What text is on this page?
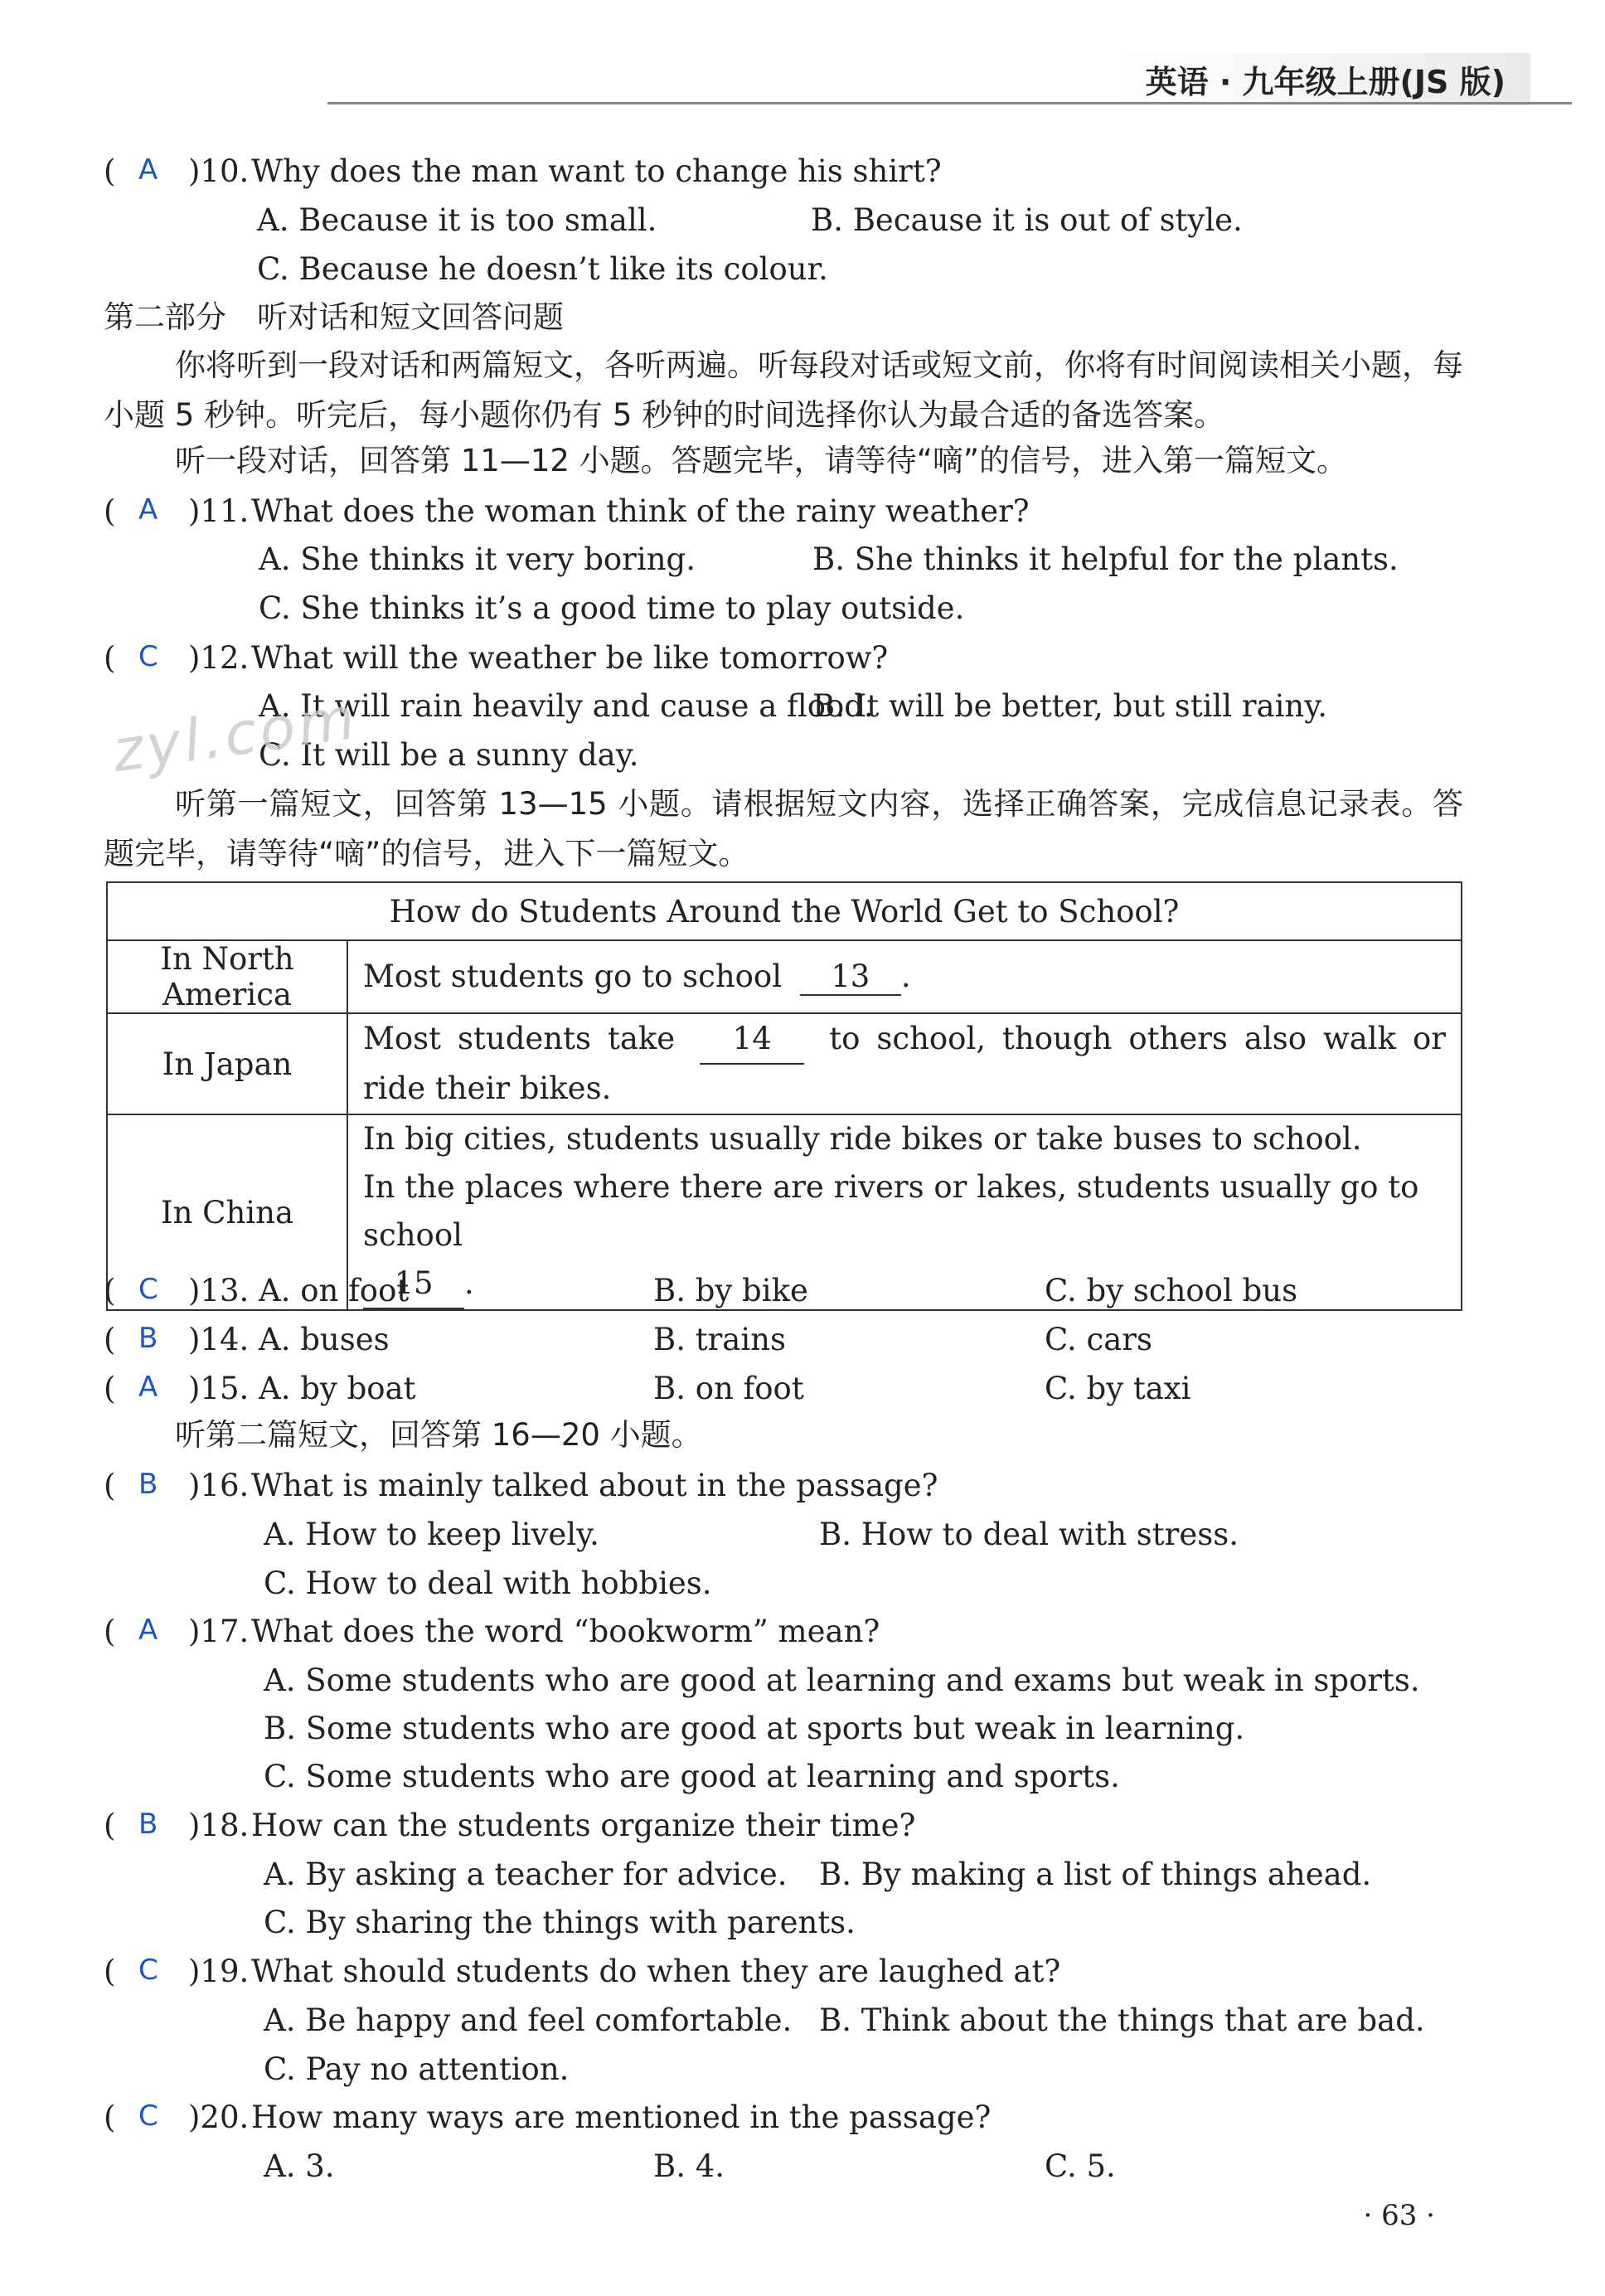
英语 · 九年级上册(JS 版)
( A )10. Why does the man want to change his shirt?
A. Because it is too small.	B. Because it is out of style.
C. Because he doesn’t like its colour.
第二部分　听对话和短文回答问题
你将听到一段对话和两篇短文，各听两遍。听每段对话或短文前，你将有时间阅读相关小题，每小题 5 秒钟。听完后，每小题你仍有 5 秒钟的时间选择你认为最合适的备选答案。
听一段对话，回答第 11—12 小题。答题完毕，请等待“嘀”的信号，进入第一篇短文。
( A )11. What does the woman think of the rainy weather?
A. She thinks it very boring.	B. She thinks it helpful for the plants.
C. She thinks it’s a good time to play outside.
( C )12. What will the weather be like tomorrow?
A. It will rain heavily and cause a flood.
B. It will be better, but still rainy.
C. It will be a sunny day.
zyl.com
听第一篇短文，回答第 13—15 小题。请根据短文内容，选择正确答案，完成信息记录表。答题完毕，请等待“嘀”的信号，进入下一篇短文。
How do Students Around the World Get to School?	
In North America	Most students go to school 13 .
In Japan	Most students take 14 to school, though others also walk or ride their bikes.
In China	In big cities, students usually ride bikes or take buses to school.
In the places where there are rivers or lakes, students usually go to school
15 .
( C )13. A. on foot	B. by bike	C. by school bus
( B )14. A. buses	B. trains	C. cars
( A )15. A. by boat	B. on foot	C. by taxi
听第二篇短文，回答第 16—20 小题。
( B )16. What is mainly talked about in the passage?
A. How to keep lively.	B. How to deal with stress.
C. How to deal with hobbies.
( A )17. What does the word “bookworm” mean?
A. Some students who are good at learning and exams but weak in sports.
B. Some students who are good at sports but weak in learning.
C. Some students who are good at learning and sports.
( B )18. How can the students organize their time?
A. By asking a teacher for advice. B. By making a list of things ahead.
C. By sharing the things with parents.
( C )19. What should students do when they are laughed at?
A. Be happy and feel comfortable. B. Think about the things that are bad.
C. Pay no attention.
( C )20. How many ways are mentioned in the passage?
A. 3.	B. 4.	C. 5.
· 63 ·
